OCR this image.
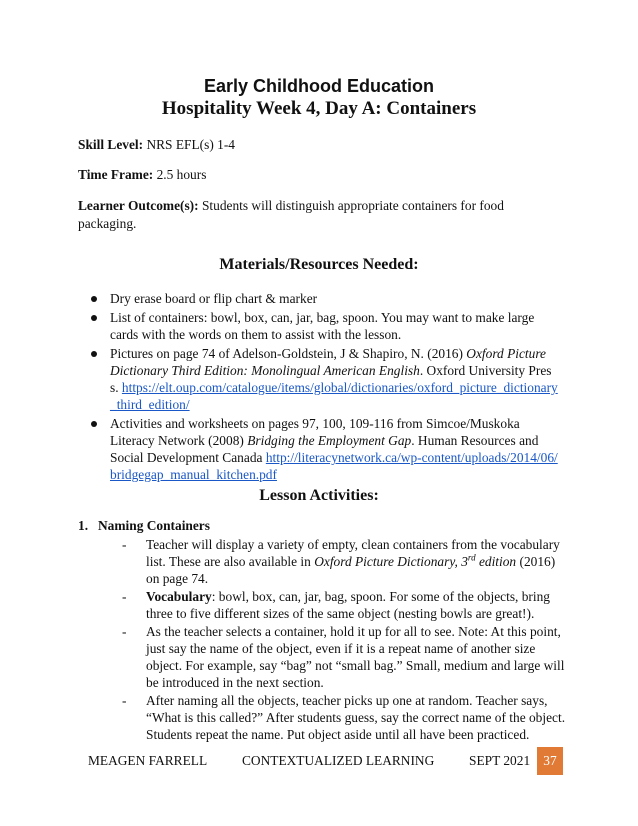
Early Childhood Education
Hospitality Week 4, Day A: Containers
Skill Level: NRS EFL(s) 1-4
Time Frame: 2.5 hours
Learner Outcome(s): Students will distinguish appropriate containers for food packaging.
Materials/Resources Needed:
Dry erase board or flip chart & marker
List of containers: bowl, box, can, jar, bag, spoon. You may want to make large cards with the words on them to assist with the lesson.
Pictures on page 74 of Adelson-Goldstein, J & Shapiro, N. (2016) Oxford Picture Dictionary Third Edition: Monolingual American English. Oxford University Press. https://elt.oup.com/catalogue/items/global/dictionaries/oxford_picture_dictionary_third_edition/
Activities and worksheets on pages 97, 100, 109-116 from Simcoe/Muskoka Literacy Network (2008) Bridging the Employment Gap. Human Resources and Social Development Canada http://literacynetwork.ca/wp-content/uploads/2014/06/bridgegap_manual_kitchen.pdf
Lesson Activities:
1. Naming Containers
- Teacher will display a variety of empty, clean containers from the vocabulary list. These are also available in Oxford Picture Dictionary, 3rd edition (2016) on page 74.
- Vocabulary: bowl, box, can, jar, bag, spoon. For some of the objects, bring three to five different sizes of the same object (nesting bowls are great!).
- As the teacher selects a container, hold it up for all to see. Note: At this point, just say the name of the object, even if it is a repeat name of another size object. For example, say “bag” not “small bag.” Small, medium and large will be introduced in the next section.
- After naming all the objects, teacher picks up one at random. Teacher says, “What is this called?” After students guess, say the correct name of the object. Students repeat the name. Put object aside until all have been practiced.
MEAGEN FARRELL	CONTEXTUALIZED LEARNING	SEPT 2021 37
